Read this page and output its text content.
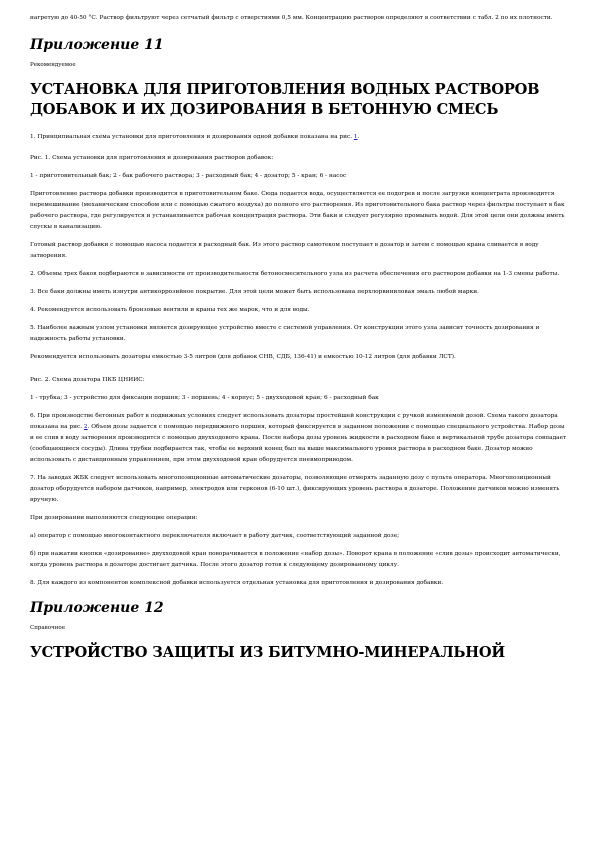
нагретую до 40-50 °С. Раствор фильтруют через сетчатый фильтр с отверстиями 0,5 мм. Концентрацию растворов определяют в соответствии с табл. 2 по их плотности.

Приложение 11

Рекомендуемое

УСТАНОВКА ДЛЯ ПРИГОТОВЛЕНИЯ ВОДНЫХ РАСТВОРОВ ДОБАВОК И ИХ ДОЗИРОВАНИЯ В БЕТОННУЮ СМЕСЬ

1. Принципиальная схема установки для приготовления и дозирования одной добавки показана на рис. 1.

Рис. 1. Схема установки для приготовления и дозирования растворов добавок:

1 - приготовительный бак; 2 - бак рабочего раствора; 3 - расходный бак; 4 - дозатор; 5 - кран; 6 - насос

Приготовление раствора добавки производится в приготовительном баке. Сюда подается вода, осуществляется ее подогрев и после загрузки концентрата производится перемешивание (механическим способом или с помощью сжатого воздуха) до полного его растворения. Из приготовительного бака раствор через фильтры поступает в бак рабочего раствора, где регулируется и устанавливается рабочая концентрация раствора. Эти баки и следует регулярно промывать водой. Для этой цели они должны иметь спускы в канализацию.

Готовый раствор добавки с помощью насоса подается в расходный бак. Из этого раствор самотеком поступает в дозатор и затем с помощью крана сливается в воду затворения.

2. Объемы трех баков подбираются в зависимости от производительности бетоносмесительного узла из расчета обеспечения его раствором добавки на 1-3 смены работы.

3. Все баки должны иметь изнутри антикоррозийное покрытие. Для этой цели может быть использована перхлорвиниловая эмаль любой марки.

4. Рекомендуется использовать бронзовые вентили и краны тех же марок, что и для воды.

5. Наиболее важным узлом установки является дозирующее устройство вместе с системой управления. От конструкции этого узла зависит точность дозирования и надежность работы установки.

Рекомендуется использовать дозаторы емкостью 3-5 литров (для добавок СНВ, СДБ, 136-41) и емкостью 10-12 литров (для добавки ЛСТ).

Рис. 2. Схема дозатора ПКБ ЦНИИС:

1 - трубка; 3 - устройство для фиксации поршня; 3 - поршень; 4 - корпус; 5 - двухходовой кран; 6 - расходный бак

6. При производстве бетонных работ в подвижных условиях следует использовать дозаторы простейшей конструкции с ручкой изменяемой дозой. Схема такого дозатора показана на рис. 2. Объем дозы задается с помощью передвижного поршня, который фиксируется в заданном положении с помощью специального устройства. Набор дозы и ее слив в воду затворения производится с помощью двухходового крана. После набора дозы уровень жидкости в расходном баке и вертикальной трубе дозатора совпадает (сообщающиеся сосуды). Длина трубки подбирается так, чтобы ее верхний конец был на выше максимального уровня раствора в расходном баке. Дозатор можно использовать с дистанционным управлением, при этом двухходовой кран оборудуется пневмоприводом.

7. На заводах ЖБК следует использовать многопозиционные автоматические дозаторы, позволяющие отмерять заданную дозу с пульта оператора. Многопозиционный дозатор оборудуется набором датчиков, например, электродов или герконов (6-10 шт.), фиксирующих уровень раствора в дозаторе. Положение датчиков можно изменять вручную.

При дозировании выполняются следующие операции:

а) оператор с помощью многоконтактного переключателя включает в работу датчик, соответствующий заданной дозе;

б) при нажатии кнопки «дозирование» двухходовой кран поворачивается в положение «набор дозы». Поворот крана в положение «слив дозы» происходит автоматически, когда уровень раствора в дозаторе достигает датчика. После этого дозатор готов к следующему дозированному циклу.

8. Для каждого из компонентов комплексной добавки используется отдельная установка для приготовления и дозирования добавки.

Приложение 12

Справочное

УСТРОЙСТВО ЗАЩИТЫ ИЗ БИТУМНО-МИНЕРАЛЬНОЙ
